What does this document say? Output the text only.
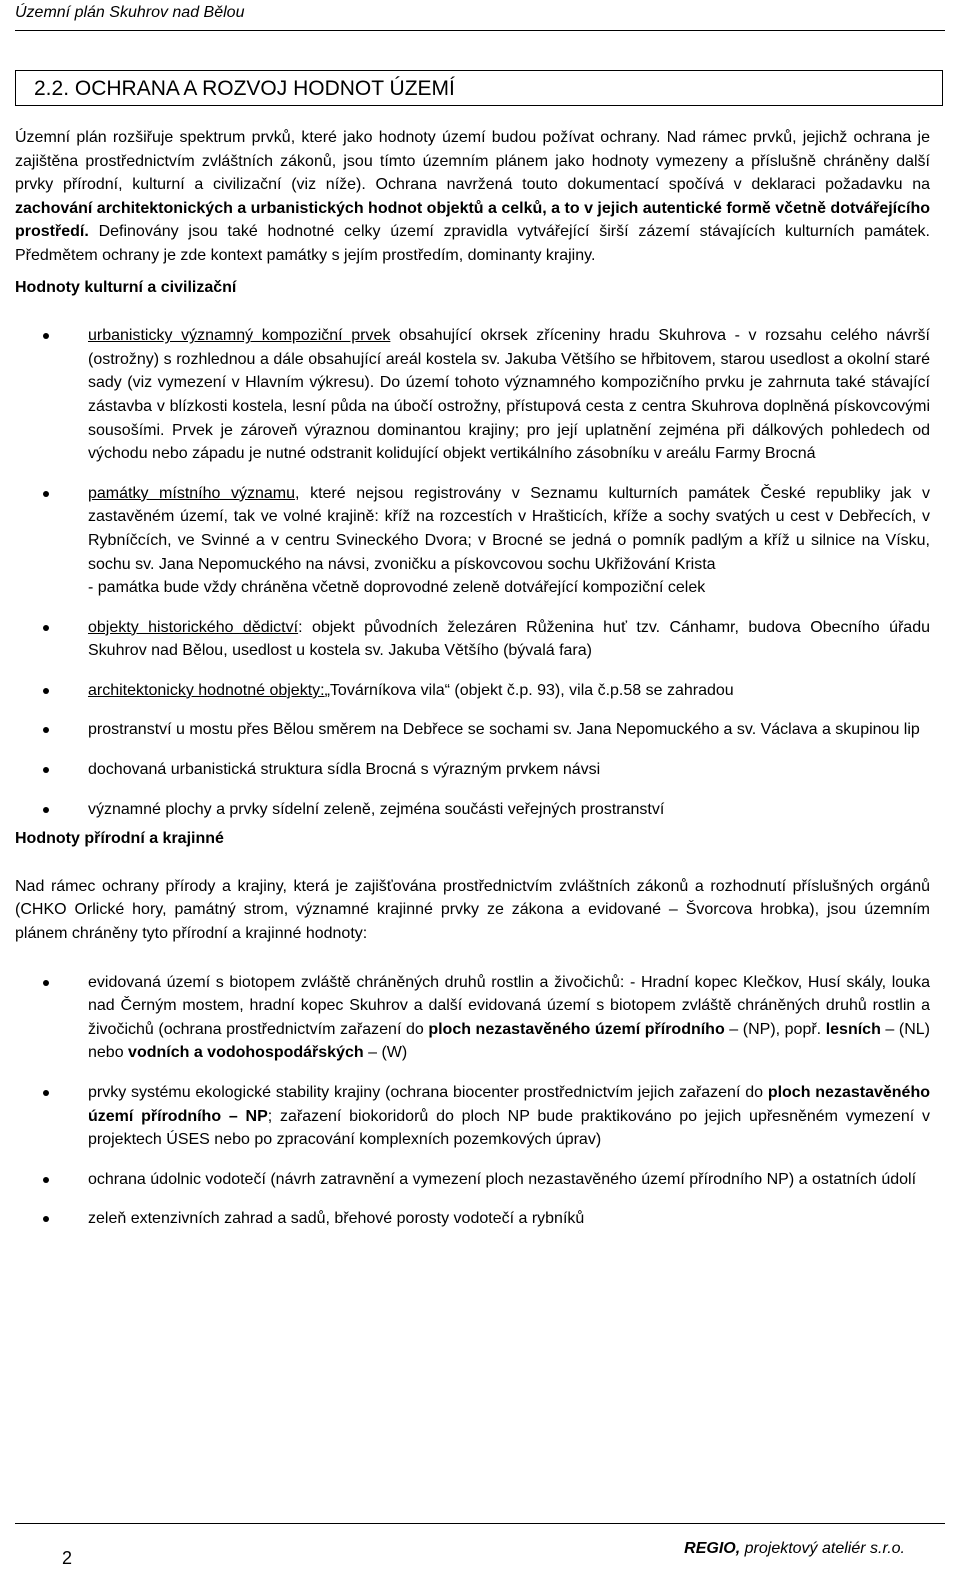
Územní plán Skuhrov nad Bělou
2.2. OCHRANA A ROZVOJ HODNOT ÚZEMÍ

Územní plán rozšiřuje spektrum prvků, které jako hodnoty území budou požívat ochrany. Nad rámec prvků, jejichž ochrana je zajištěna prostřednictvím zvláštních zákonů, jsou tímto územním plánem jako hodnoty vymezeny a příslušně chráněny další prvky přírodní, kulturní a civilizační (viz níže). Ochrana navržená touto dokumentací spočívá v deklaraci požadavku na zachování architektonických a urbanistických hodnot objektů a celků, a to v jejich autentické formě včetně dotvářejícího prostředí. Definovány jsou také hodnotné celky území zpravidla vytvářející širší zázemí stávajících kulturních památek. Předmětem ochrany je zde kontext památky s jejím prostředím, dominanty krajiny.

Hodnoty kulturní a civilizační

urbanisticky významný kompoziční prvek obsahující okrsek zříceniny hradu Skuhrova - v rozsahu celého návrší (ostrožny) s rozhlednou a dále obsahující areál kostela sv. Jakuba Většího se hřbitovem, starou usedlost a okolní staré sady (viz vymezení v Hlavním výkresu). Do území tohoto významného kompozičního prvku je zahrnuta také stávající zástavba v blízkosti kostela, lesní půda na úbočí ostrožny, přístupová cesta z centra Skuhrova doplněná pískovcovými sousošími. Prvek je zároveň výraznou dominantou krajiny; pro její uplatnění zejména při dálkových pohledech od východu nebo západu je nutné odstranit kolidující objekt vertikálního zásobníku v areálu Farmy Brocná
památky místního významu, které nejsou registrovány v Seznamu kulturních památek České republiky jak v zastavěném území, tak ve volné krajině: kříž na rozcestích v Hrašticích, kříže a sochy svatých u cest v Debřecích, v Rybníčcích, ve Svinné a v centru Svineckého Dvora; v Brocné se jedná o pomník padlým a kříž u silnice na Vísku, sochu sv. Jana Nepomuckého na návsi, zvoničku a pískovcovou sochu Ukřižování Krista
- památka bude vždy chráněna včetně doprovodné zeleně dotvářející kompoziční celek
objekty historického dědictví: objekt původních železáren Růženina huť tzv. Cánhamr, budova Obecního úřadu Skuhrov nad Bělou, usedlost u kostela sv. Jakuba Většího (bývalá fara)
architektonicky hodnotné objekty:„Továrníkova vila“ (objekt č.p. 93), vila č.p.58 se zahradou
prostranství u mostu přes Bělou směrem na Debřece se sochami sv. Jana Nepomuckého a sv. Václava a skupinou lip
dochovaná urbanistická struktura sídla Brocná s výrazným prvkem návsi
významné plochy a prvky sídelní zeleně, zejména součásti veřejných prostranství

Hodnoty přírodní a krajinné

Nad rámec ochrany přírody a krajiny, která je zajišťována prostřednictvím zvláštních zákonů a rozhodnutí příslušných orgánů (CHKO Orlické hory, památný strom, významné krajinné prvky ze zákona a evidované – Švorcova hrobka), jsou územním plánem chráněny tyto přírodní a krajinné hodnoty:

evidovaná území s biotopem zvláště chráněných druhů rostlin a živočichů: - Hradní kopec Klečkov, Husí skály, louka nad Černým mostem, hradní kopec Skuhrov a další evidovaná území s biotopem zvláště chráněných druhů rostlin a živočichů (ochrana prostřednictvím zařazení do ploch nezastavěného území přírodního – (NP), popř. lesních – (NL) nebo vodních a vodohospodářských – (W)
prvky systému ekologické stability krajiny (ochrana biocenter prostřednictvím jejich zařazení do ploch nezastavěného území přírodního – NP; zařazení biokoridorů do ploch NP bude praktikováno po jejich upřesněném vymezení v projektech ÚSES nebo po zpracování komplexních pozemkových úprav)
ochrana údolnic vodotečí (návrh zatravnění a vymezení ploch nezastavěného území přírodního NP) a ostatních údolí
zeleň extenzivních zahrad a sadů, břehové porosty vodotečí a rybníků
2	REGIO, projektový ateliér s.r.o.
